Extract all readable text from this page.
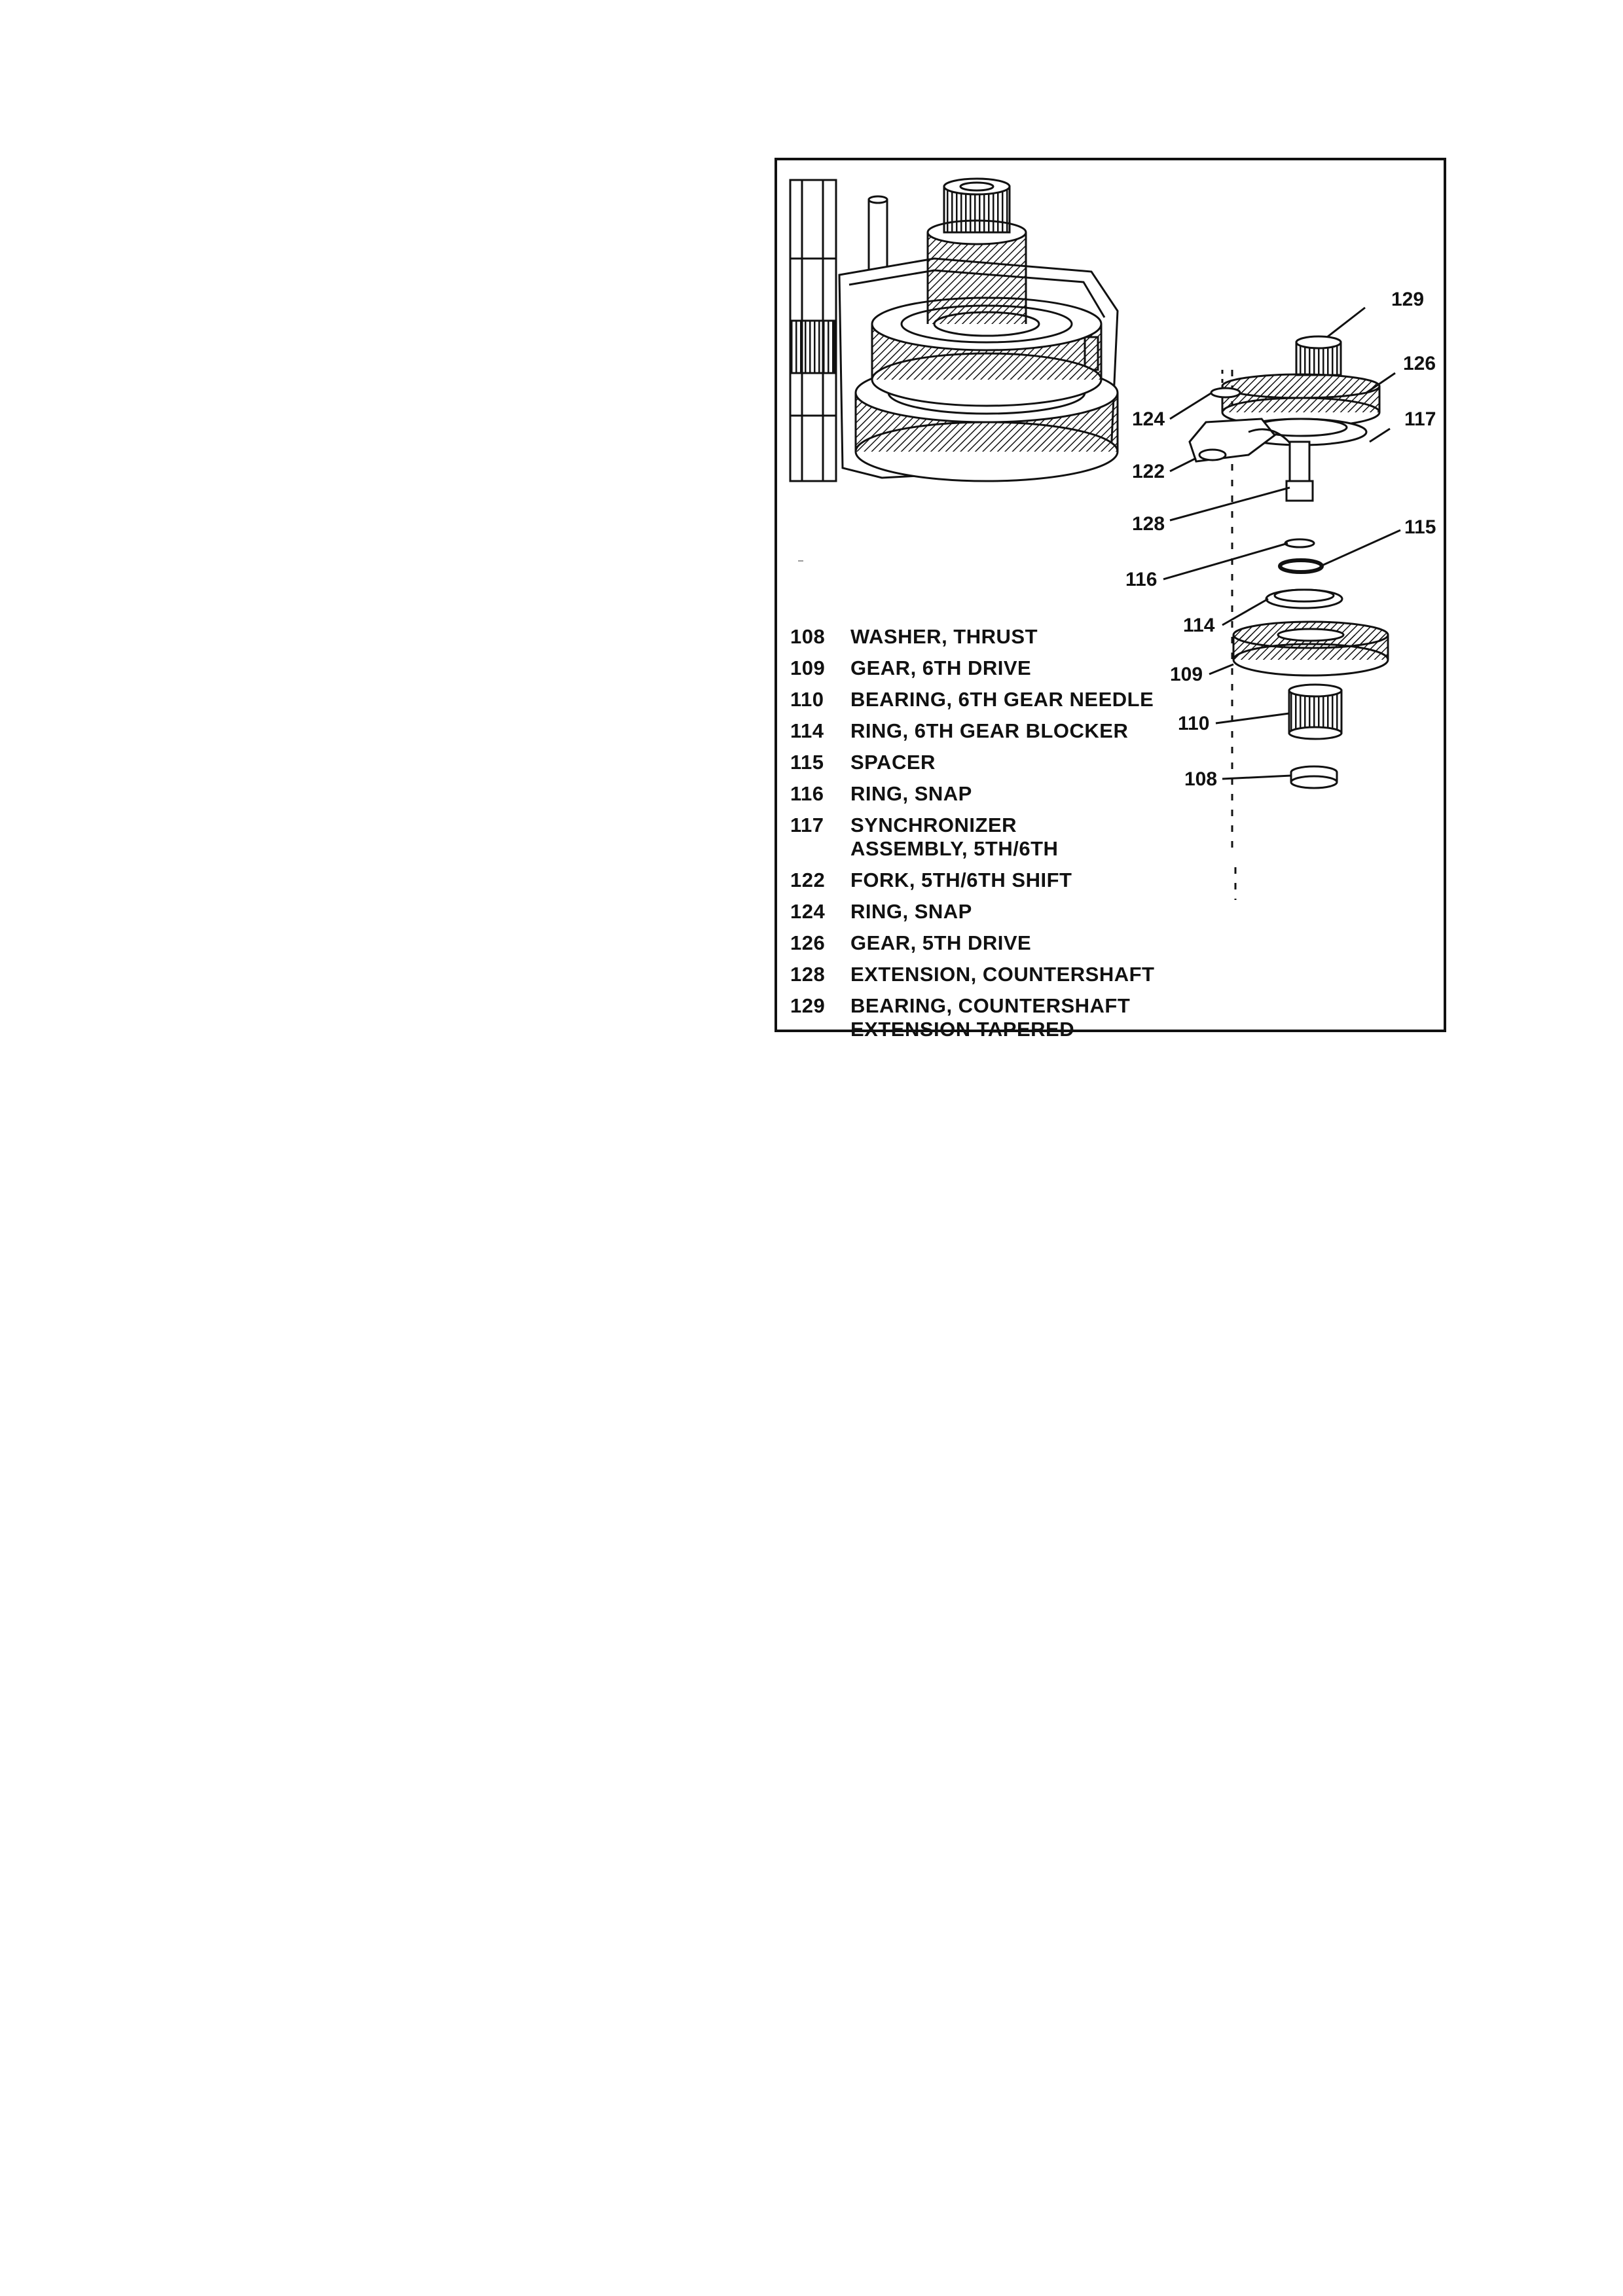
129
126
124	117
122
128	115
116
114
109
110
108
108	WASHER, THRUST
109	GEAR, 6TH DRIVE
110	BEARING, 6TH GEAR NEEDLE
114	RING, 6TH GEAR BLOCKER
115	SPACER
116	RING, SNAP
117	SYNCHRONIZER
ASSEMBLY, 5TH/6TH
122	FORK, 5TH/6TH SHIFT
124	RING, SNAP
126	GEAR, 5TH DRIVE
128	EXTENSION, COUNTERSHAFT
129	BEARING, COUNTERSHAFT
EXTENSION TAPERED
